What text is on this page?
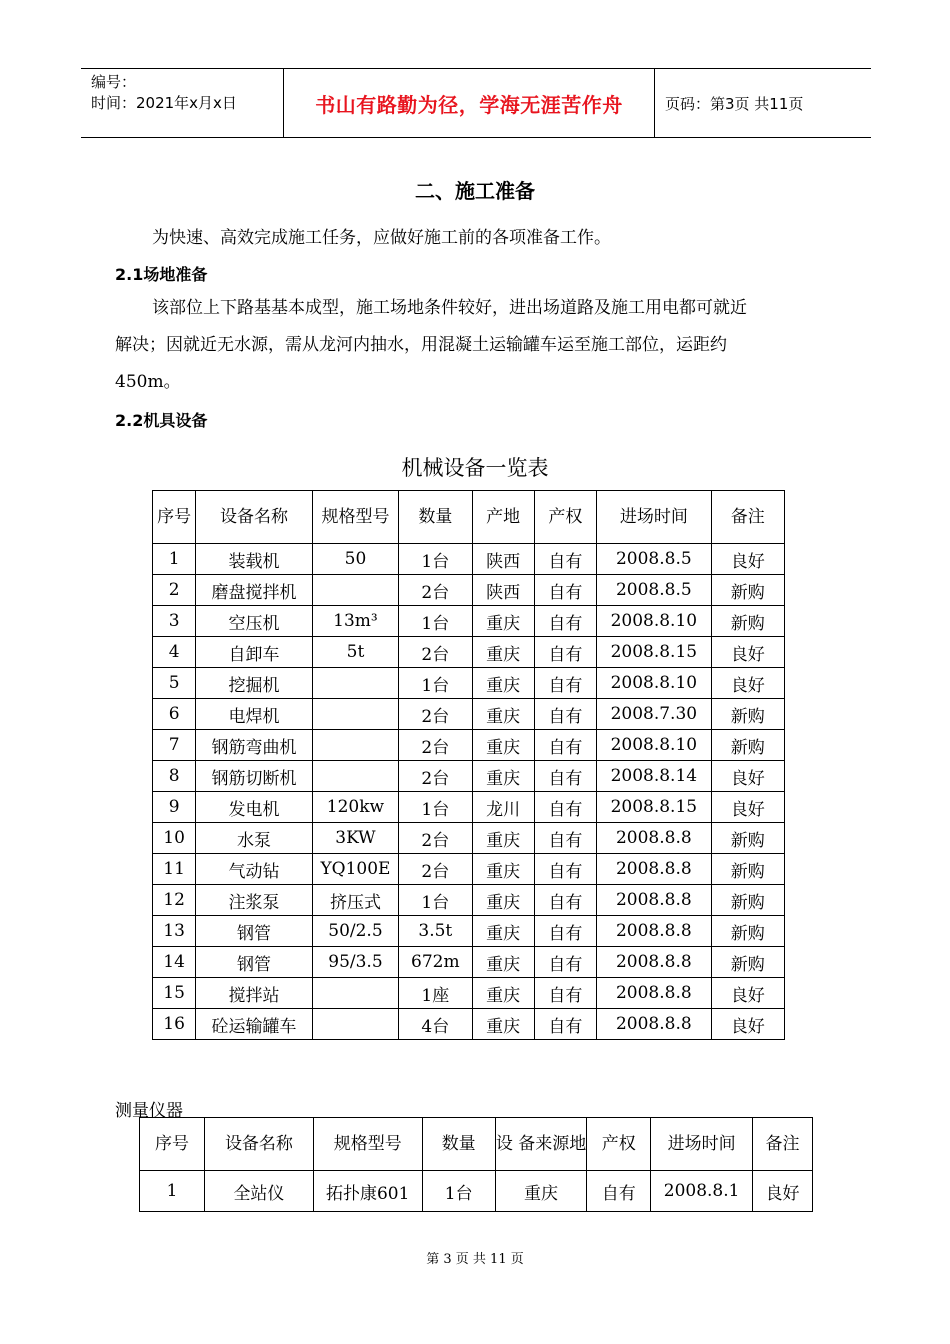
编号：
时间：2021年x月x日	书山有路勤为径，学海无涯苦作舟	页码：第3页 共11页
二、施工准备
为快速、高效完成施工任务，应做好施工前的各项准备工作。
2.1场地准备
该部位上下路基基本成型，施工场地条件较好，进出场道路及施工用电都可就近
解决；因就近无水源，需从龙河内抽水，用混凝土运输罐车运至施工部位，运距约
450m。
2.2机具设备
机械设备一览表
序号	设备名称	规格型号	数量	产地	产权	进场时间	备注
1	装载机	50	1台	陕西	自有	2008.8.5	良好
2	磨盘搅拌机		2台	陕西	自有	2008.8.5	新购
3	空压机	13m³	1台	重庆	自有	2008.8.10	新购
4	自卸车	5t	2台	重庆	自有	2008.8.15	良好
5	挖掘机		1台	重庆	自有	2008.8.10	良好
6	电焊机		2台	重庆	自有	2008.7.30	新购
7	钢筋弯曲机		2台	重庆	自有	2008.8.10	新购
8	钢筋切断机		2台	重庆	自有	2008.8.14	良好
9	发电机	120kw	1台	龙川	自有	2008.8.15	良好
10	水泵	3KW	2台	重庆	自有	2008.8.8	新购
11	气动钻	YQ100E	2台	重庆	自有	2008.8.8	新购
12	注浆泵	挤压式	1台	重庆	自有	2008.8.8	新购
13	钢管	50/2.5	3.5t	重庆	自有	2008.8.8	新购
14	钢管	95/3.5	672m	重庆	自有	2008.8.8	新购
15	搅拌站		1座	重庆	自有	2008.8.8	良好
16	砼运输罐车		4台	重庆	自有	2008.8.8	良好
测量仪器
序号	设备名称	规格型号	数量	设 备来源地	产权	进场时间	备注
1	全站仪	拓扑康601	1台	重庆	自有	2008.8.1	良好
第 3 页 共 11 页
